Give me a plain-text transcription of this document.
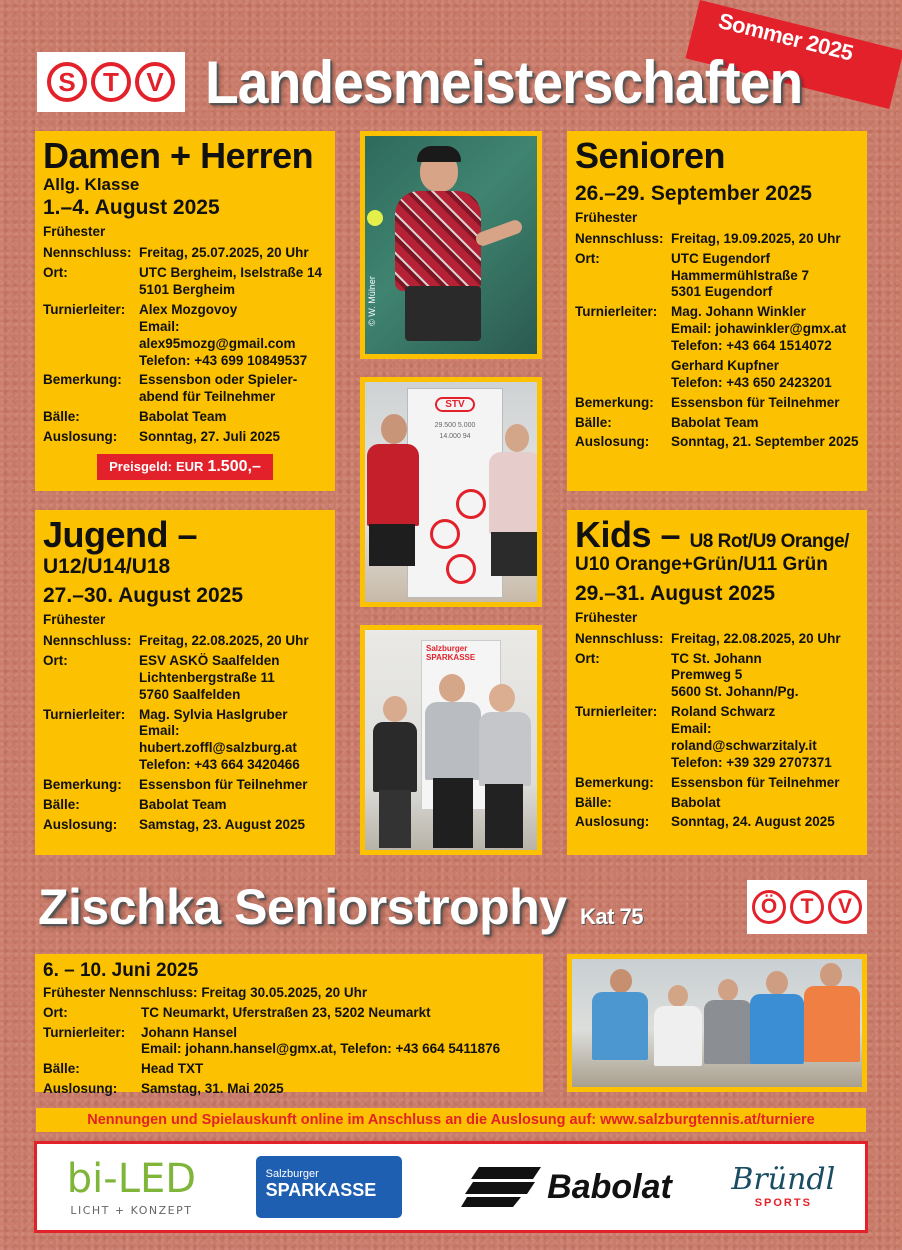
Sommer 2025
S	T	V Landesmeisterschaften
Damen + Herren
Allg. Klasse
1.–4. August 2025
Frühester
Nennschluss: Freitag, 25.07.2025, 20 Uhr
Ort:	UTC Bergheim, Iselstraße 14
5101 Bergheim
Turnierleiter:	Alex Mozgovoy
Email:
alex95mozg@gmail.com
Telefon: +43 699 10849537
Bemerkung:	Essensbon oder Spieler-
abend für Teilnehmer
Bälle:	Babolat Team
Auslosung:	Sonntag, 27. Juli 2025
Preisgeld: EUR 1.500,–
Senioren
26.–29. September 2025
Frühester
Nennschluss: Freitag, 19.09.2025, 20 Uhr
Ort:	UTC Eugendorf
Hammermühlstraße 7
5301 Eugendorf
Turnierleiter:	Mag. Johann Winkler
Email: johawinkler@gmx.at
Telefon: +43 664 1514072
Gerhard Kupfner
Telefon: +43 650 2423201
Bemerkung:	Essensbon für Teilnehmer
Bälle:	Babolat Team
Auslosung:	Sonntag, 21. September 2025
Jugend –
U12/U14/U18
27.–30. August 2025
Frühester
Nennschluss: Freitag, 22.08.2025, 20 Uhr
Ort:	ESV ASKÖ Saalfelden
Lichtenbergstraße 11
5760 Saalfelden
Turnierleiter:	Mag. Sylvia Haslgruber
Email:
hubert.zoffl@salzburg.at
Telefon: +43 664 3420466
Bemerkung:	Essensbon für Teilnehmer
Bälle:	Babolat Team
Auslosung:	Samstag, 23. August 2025
Kids – U8 Rot/U9 Orange/
U10 Orange+Grün/U11 Grün
29.–31. August 2025
Frühester
Nennschluss: Freitag, 22.08.2025, 20 Uhr
Ort:	TC St. Johann
Premweg 5
5600 St. Johann/Pg.
Turnierleiter:	Roland Schwarz
Email:
roland@schwarzitaly.it
Telefon: +39 329 2707371
Bemerkung:	Essensbon für Teilnehmer
Bälle:	Babolat
Auslosung:	Sonntag, 24. August 2025
© W. Mülner
STV
29.500 5.000
14.000 94
Salzburger
SPARKASSE
Zischka Seniorstrophy Kat 75	Ö	T	V
6. – 10. Juni 2025
Frühester Nennschluss: Freitag 30.05.2025, 20 Uhr
Ort:	TC Neumarkt, Uferstraßen 23, 5202 Neumarkt
Turnierleiter:	Johann Hansel
Email: johann.hansel@gmx.at, Telefon: +43 664 5411876
Bälle:	Head TXT
Auslosung:	Samstag, 31. Mai 2025
Nennungen und Spielauskunft online im Anschluss an die Auslosung auf: www.salzburgtennis.at/turniere
bi-LED
LICHT + KONZEPT
Salzburger
SPARKASSE	Babolat Bründl
SPORTS
